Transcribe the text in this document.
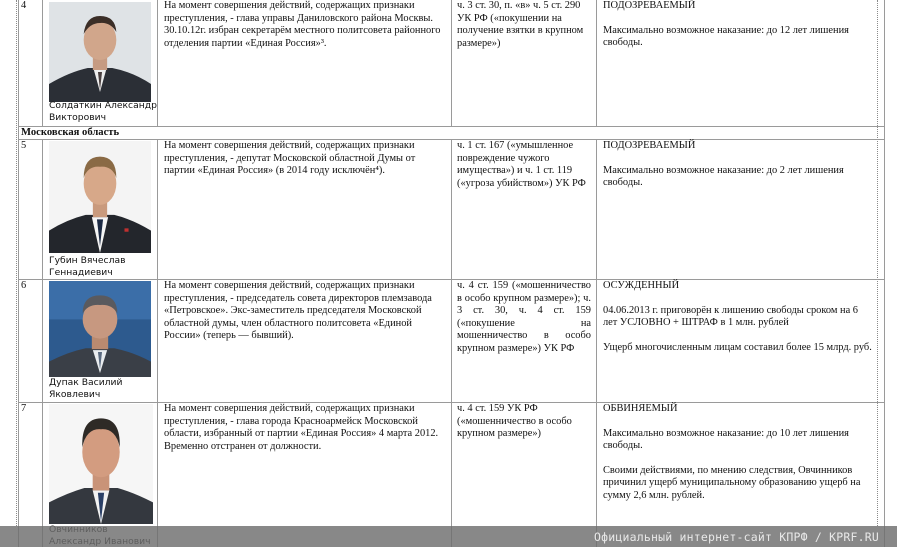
Московская область
4
Солдаткин Александр Викторович
На момент совершения действий, содержащих признаки преступления, - глава управы Даниловского района Москвы. 30.10.12г. избран секретарём местного политсовета районного отделения партии «Единая Россия»³.
ч. 3 ст. 30, п. «в» ч. 5 ст. 290 УК РФ («покушении на получение взятки в крупном размере»)
ПОДОЗРЕВАЕМЫЙ
Максимально возможное наказание: до 12 лет лишения свободы.
5
Губин Вячеслав Геннадиевич
На момент совершения действий, содержащих признаки преступления, - депутат Московской областной Думы от партии «Единая Россия» (в 2014 году исключён⁴).
ч. 1 ст. 167 («умышленное повреждение чужого имущества») и ч. 1 ст. 119 («угроза убийством») УК РФ
ПОДОЗРЕВАЕМЫЙ
Максимально возможное наказание: до 2 лет лишения свободы.
6
Дупак Василий Яковлевич
На момент совершения действий, содержащих признаки преступления, - председатель совета директоров племзавода «Петровское». Экс-заместитель председателя Московской областной думы, член областного политсовета «Единой России» (теперь — бывший).
ч. 4 ст. 159 («мошенничество в особо крупном размере»); ч. 3 ст. 30, ч. 4 ст. 159 («покушение на мошенничество в особо крупном размере») УК РФ
ОСУЖДЕННЫЙ
04.06.2013 г. приговорён к лишению свободы сроком на 6 лет УСЛОВНО + ШТРАФ в 1 млн. рублей
Ущерб многочисленным лицам составил более 15 млрд. руб.
7	На момент совершения действий, содержащих признаки преступления, - глава города Красноармейск Московской области, избранный от партии «Единая Россия» 4 марта 2012. Временно отстранен от должности.
ч. 4 ст. 159 УК РФ («мошенничество в особо крупном размере»)
ОБВИНЯЕМЫЙ
Максимально возможное наказание: до 10 лет лишения свободы.
Своими действиями, по мнению следствия, Овчинников причинил ущерб муниципальному образованию ущерб на сумму 2,6 млн. рублей.
Официальный интернет-сайт КПРФ / KPRF.RU
